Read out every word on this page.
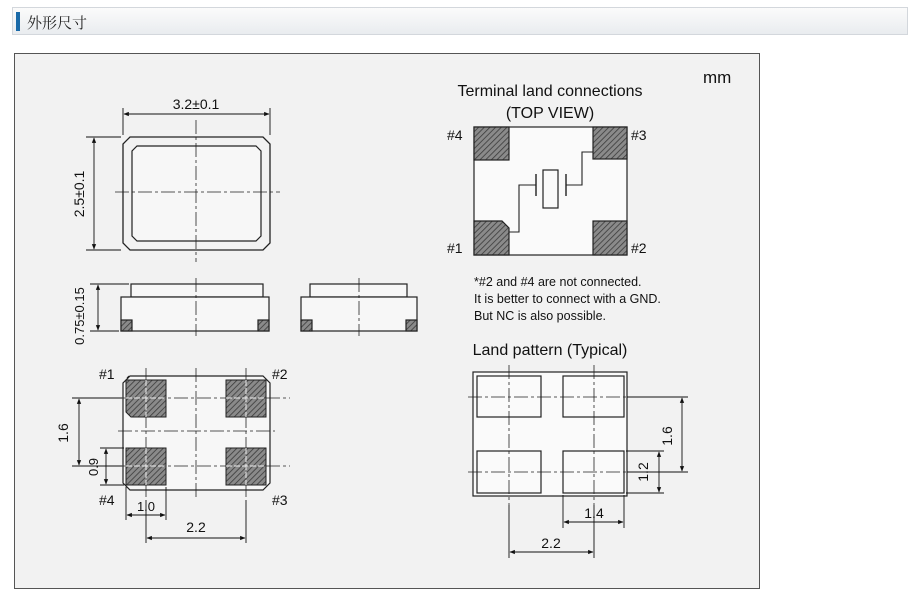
外形尺寸
mm
3.2±0.1
2.5±0.1
0.75±0.15
#1	#2
#3
#4
1.6
0.9
1.0
2.2
Terminal land connections
(TOP VIEW)
#4	#3
#1	#2
*#2 and #4 are not connected.
It is better to connect with a GND.
But NC is also possible.
Land pattern (Typical)
1.6
1.2
1.4
2.2
